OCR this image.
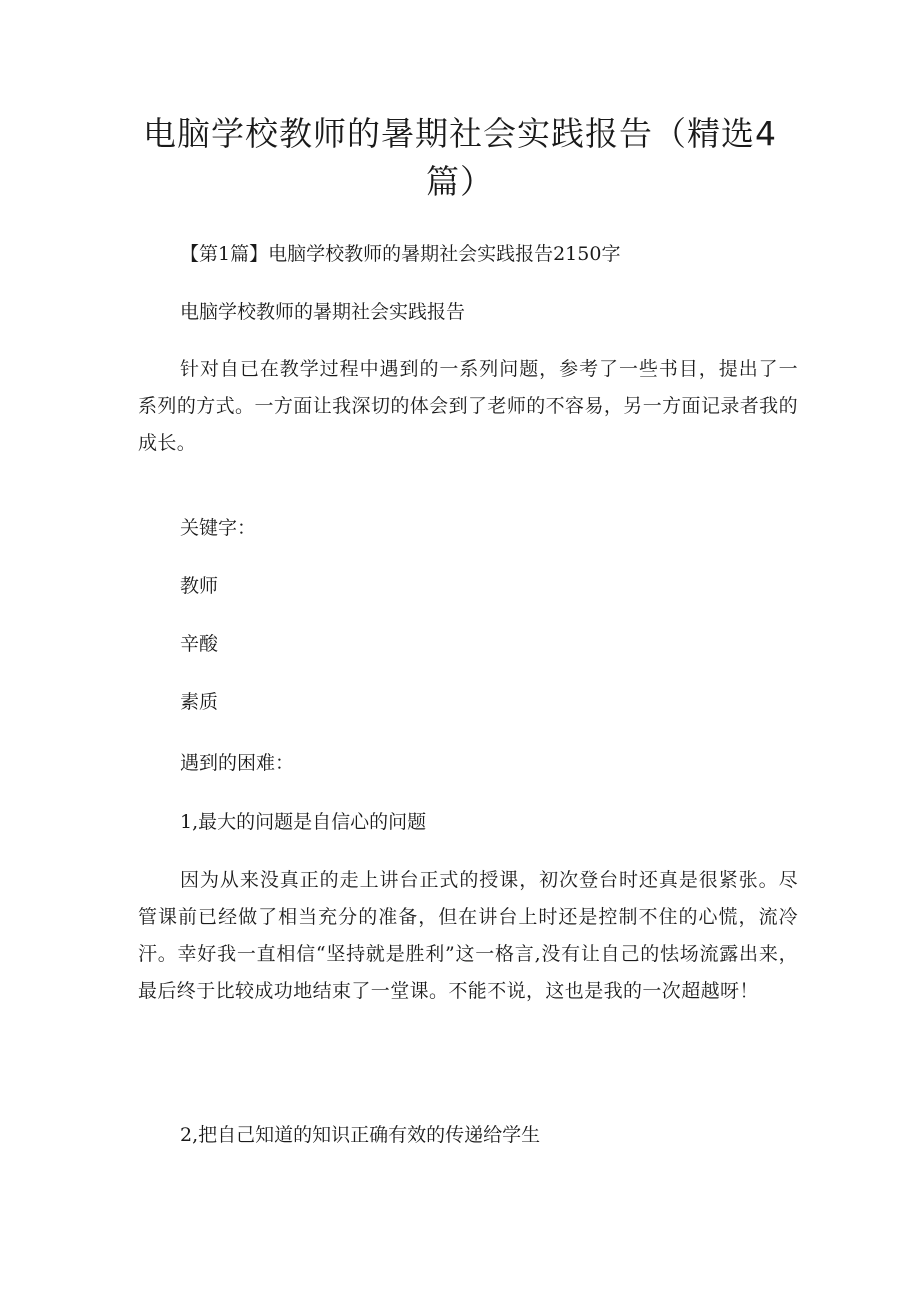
电脑学校教师的暑期社会实践报告（精选4篇）

【第1篇】电脑学校教师的暑期社会实践报告2150字

电脑学校教师的暑期社会实践报告

针对自已在教学过程中遇到的一系列问题，参考了一些书目，提出了一系列的方式。一方面让我深切的体会到了老师的不容易，另一方面记录者我的成长。

关键字：

教师

辛酸

素质

遇到的困难：

1,最大的问题是自信心的问题

因为从来没真正的走上讲台正式的授课，初次登台时还真是很紧张。尽管课前已经做了相当充分的准备，但在讲台上时还是控制不住的心慌，流冷汗。幸好我一直相信“坚持就是胜利”这一格言,没有让自己的怯场流露出来，最后终于比较成功地结束了一堂课。不能不说，这也是我的一次超越呀！

2,把自己知道的知识正确有效的传递给学生
